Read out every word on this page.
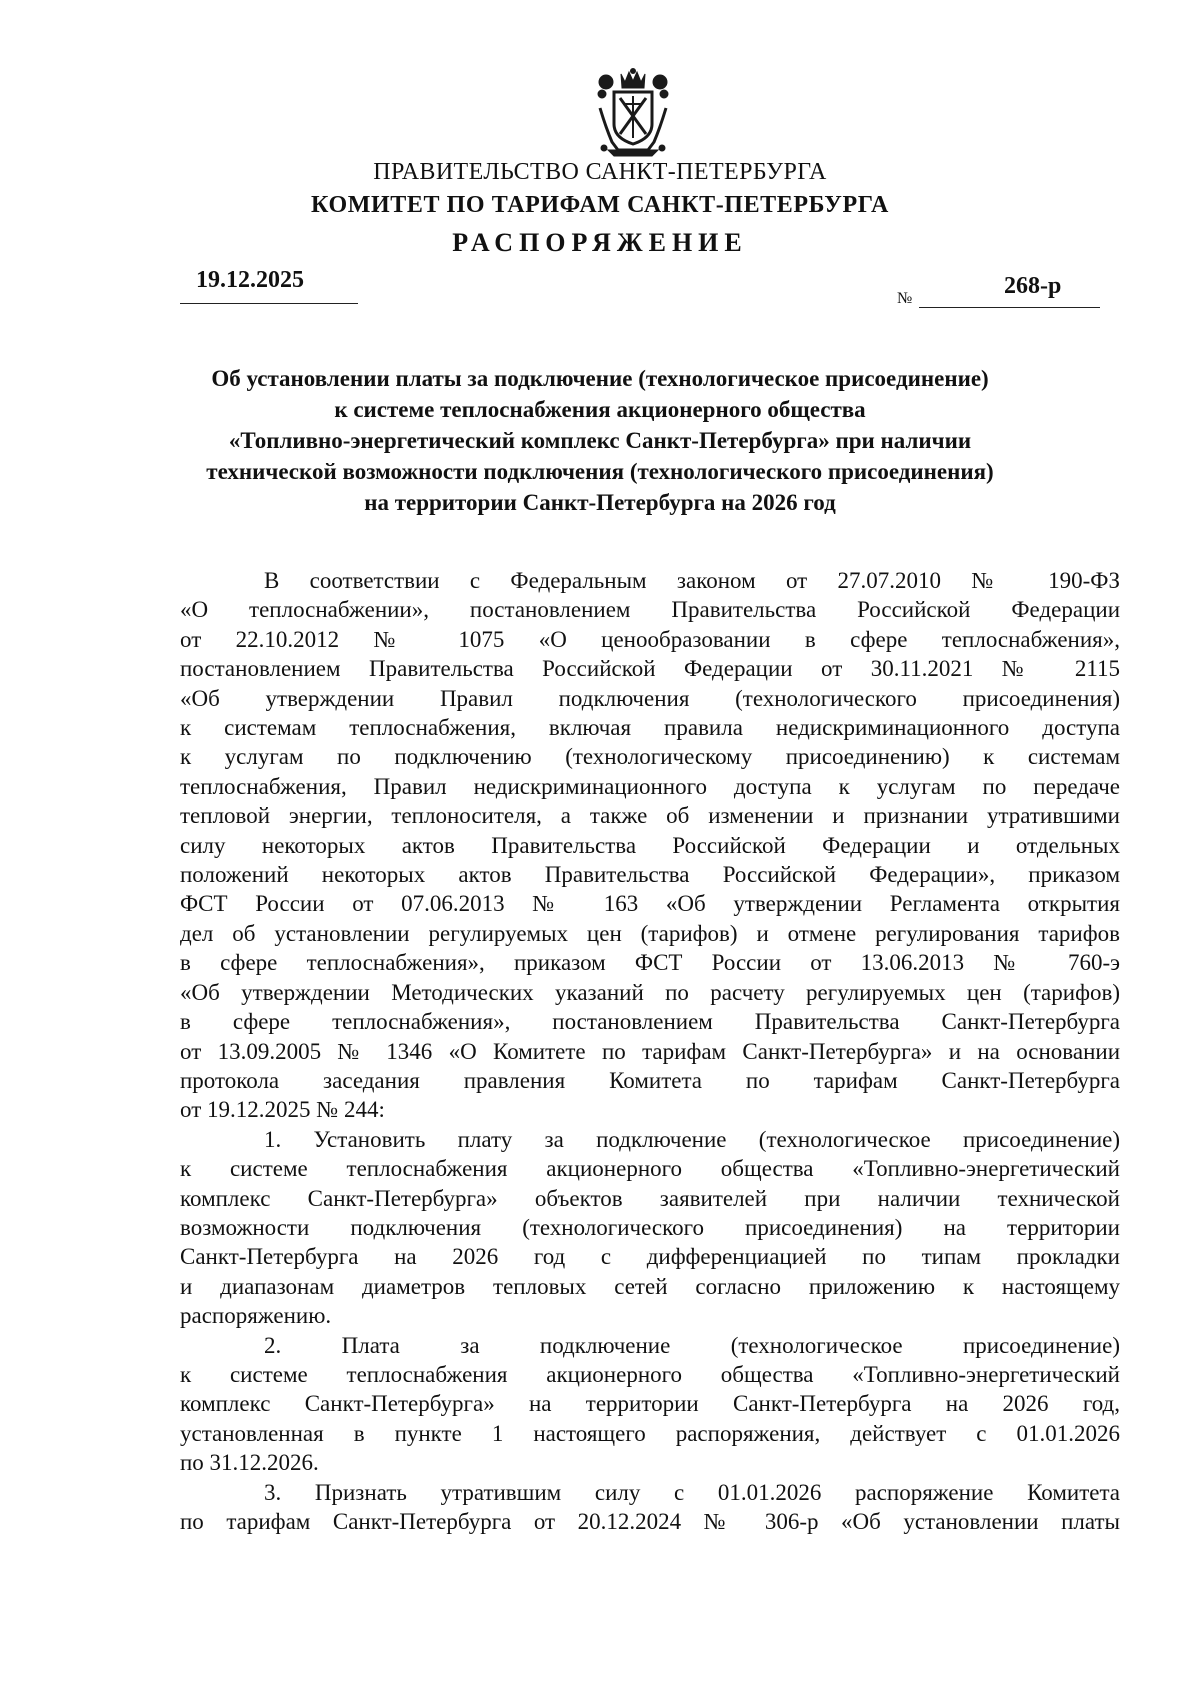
ПРАВИТЕЛЬСТВО САНКТ-ПЕТЕРБУРГА
КОМИТЕТ ПО ТАРИФАМ САНКТ-ПЕТЕРБУРГА
РАСПОРЯЖЕНИЕ
19.12.2025
№	268-р
Об установлении платы за подключение (технологическое присоединение)
к системе теплоснабжения акционерного общества
«Топливно-энергетический комплекс Санкт-Петербурга» при наличии
технической возможности подключения (технологического присоединения)
на территории Санкт-Петербурга на 2026 год

В соответствии с Федеральным законом от 27.07.2010 № 190-ФЗ

«О теплоснабжении», постановлением Правительства Российской Федерации

от 22.10.2012 № 1075 «О ценообразовании в сфере теплоснабжения»,

постановлением Правительства Российской Федерации от 30.11.2021 № 2115

«Об утверждении Правил подключения (технологического присоединения)

к системам теплоснабжения, включая правила недискриминационного доступа

к услугам по подключению (технологическому присоединению) к системам

теплоснабжения, Правил недискриминационного доступа к услугам по передаче

тепловой энергии, теплоносителя, а также об изменении и признании утратившими

силу некоторых актов Правительства Российской Федерации и отдельных

положений некоторых актов Правительства Российской Федерации», приказом

ФСТ России от 07.06.2013 № 163 «Об утверждении Регламента открытия

дел об установлении регулируемых цен (тарифов) и отмене регулирования тарифов

в сфере теплоснабжения», приказом ФСТ России от 13.06.2013 № 760-э

«Об утверждении Методических указаний по расчету регулируемых цен (тарифов)

в сфере теплоснабжения», постановлением Правительства Санкт-Петербурга

от 13.09.2005 № 1346 «О Комитете по тарифам Санкт-Петербурга» и на основании

протокола заседания правления Комитета по тарифам Санкт-Петербурга

от 19.12.2025 № 244:

1. Установить плату за подключение (технологическое присоединение)

к системе теплоснабжения акционерного общества «Топливно-энергетический

комплекс Санкт-Петербурга» объектов заявителей при наличии технической

возможности подключения (технологического присоединения) на территории

Санкт-Петербурга на 2026 год с дифференциацией по типам прокладки

и диапазонам диаметров тепловых сетей согласно приложению к настоящему

распоряжению.

2. Плата за подключение (технологическое присоединение)

к системе теплоснабжения акционерного общества «Топливно-энергетический

комплекс Санкт-Петербурга» на территории Санкт-Петербурга на 2026 год,

установленная в пункте 1 настоящего распоряжения, действует с 01.01.2026

по 31.12.2026.

3. Признать утратившим силу с 01.01.2026 распоряжение Комитета

по тарифам Санкт-Петербурга от 20.12.2024 № 306-р «Об установлении платы
